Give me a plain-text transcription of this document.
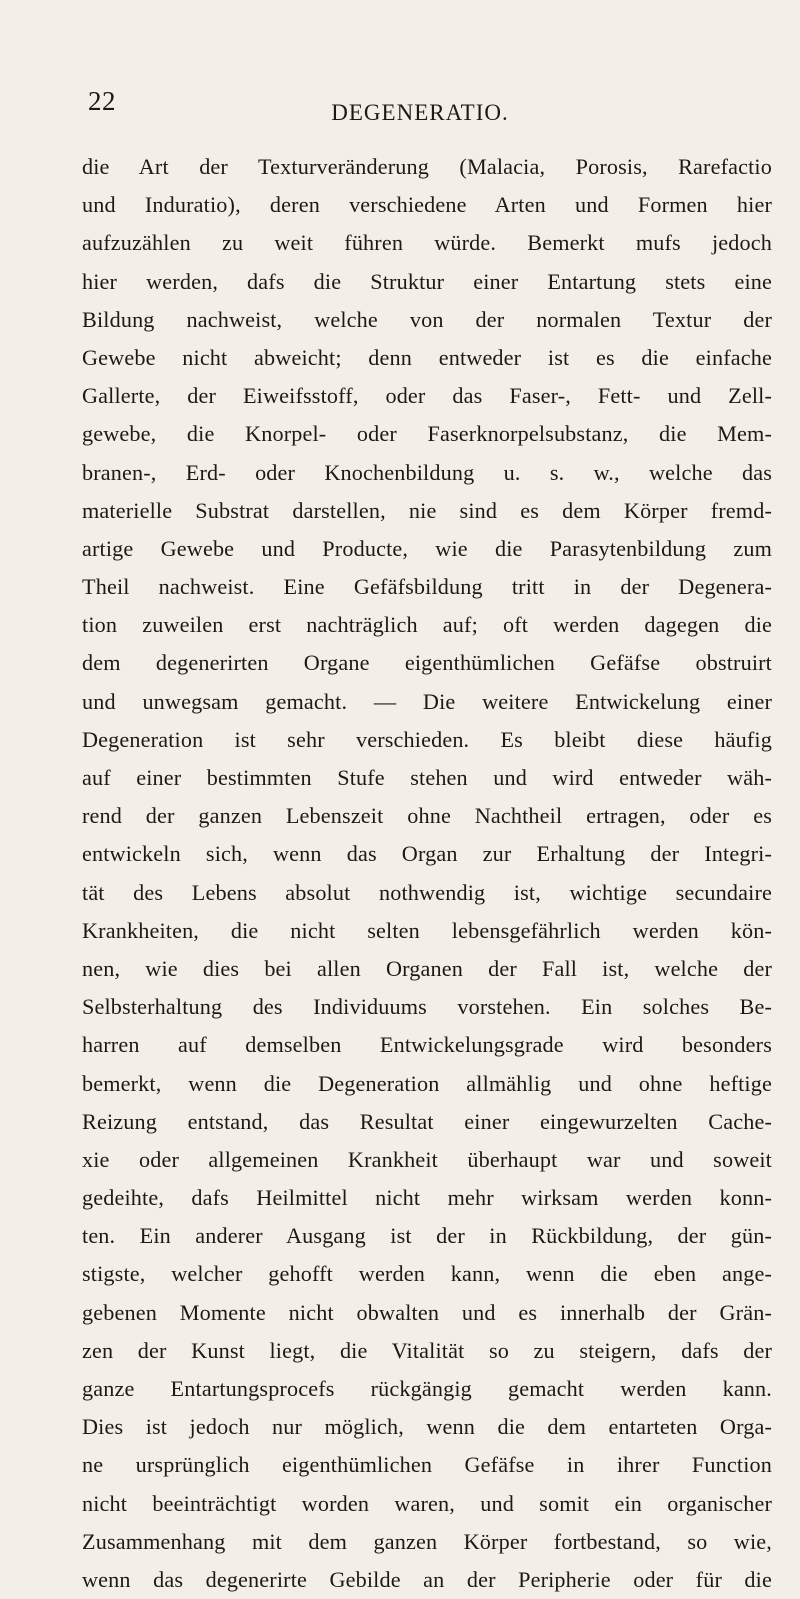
22	DEGENERATIO.
die Art der Texturveränderung (Malacia, Porosis, Rarefactio
und Induratio), deren verschiedene Arten und Formen hier
aufzuzählen zu weit führen würde. Bemerkt mufs jedoch
hier werden, dafs die Struktur einer Entartung stets eine
Bildung nachweist, welche von der normalen Textur der
Gewebe nicht abweicht; denn entweder ist es die einfache
Gallerte, der Eiweifsstoff, oder das Faser-, Fett- und Zell-
gewebe, die Knorpel- oder Faserknorpelsubstanz, die Mem-
branen-, Erd- oder Knochenbildung u. s. w., welche das
materielle Substrat darstellen, nie sind es dem Körper fremd-
artige Gewebe und Producte, wie die Parasytenbildung zum
Theil nachweist. Eine Gefäfsbildung tritt in der Degenera-
tion zuweilen erst nachträglich auf; oft werden dagegen die
dem degenerirten Organe eigenthümlichen Gefäfse obstruirt
und unwegsam gemacht. — Die weitere Entwickelung einer
Degeneration ist sehr verschieden. Es bleibt diese häufig
auf einer bestimmten Stufe stehen und wird entweder wäh-
rend der ganzen Lebenszeit ohne Nachtheil ertragen, oder es
entwickeln sich, wenn das Organ zur Erhaltung der Integri-
tät des Lebens absolut nothwendig ist, wichtige secundaire
Krankheiten, die nicht selten lebensgefährlich werden kön-
nen, wie dies bei allen Organen der Fall ist, welche der
Selbsterhaltung des Individuums vorstehen. Ein solches Be-
harren auf demselben Entwickelungsgrade wird besonders
bemerkt, wenn die Degeneration allmählig und ohne heftige
Reizung entstand, das Resultat einer eingewurzelten Cache-
xie oder allgemeinen Krankheit überhaupt war und soweit
gedeihte, dafs Heilmittel nicht mehr wirksam werden konn-
ten. Ein anderer Ausgang ist der in Rückbildung, der gün-
stigste, welcher gehofft werden kann, wenn die eben ange-
gebenen Momente nicht obwalten und es innerhalb der Grän-
zen der Kunst liegt, die Vitalität so zu steigern, dafs der
ganze Entartungsprocefs rückgängig gemacht werden kann.
Dies ist jedoch nur möglich, wenn die dem entarteten Orga-
ne ursprünglich eigenthümlichen Gefäfse in ihrer Function
nicht beeinträchtigt worden waren, und somit ein organischer
Zusammenhang mit dem ganzen Körper fortbestand, so wie,
wenn das degenerirte Gebilde an der Peripherie oder für die
